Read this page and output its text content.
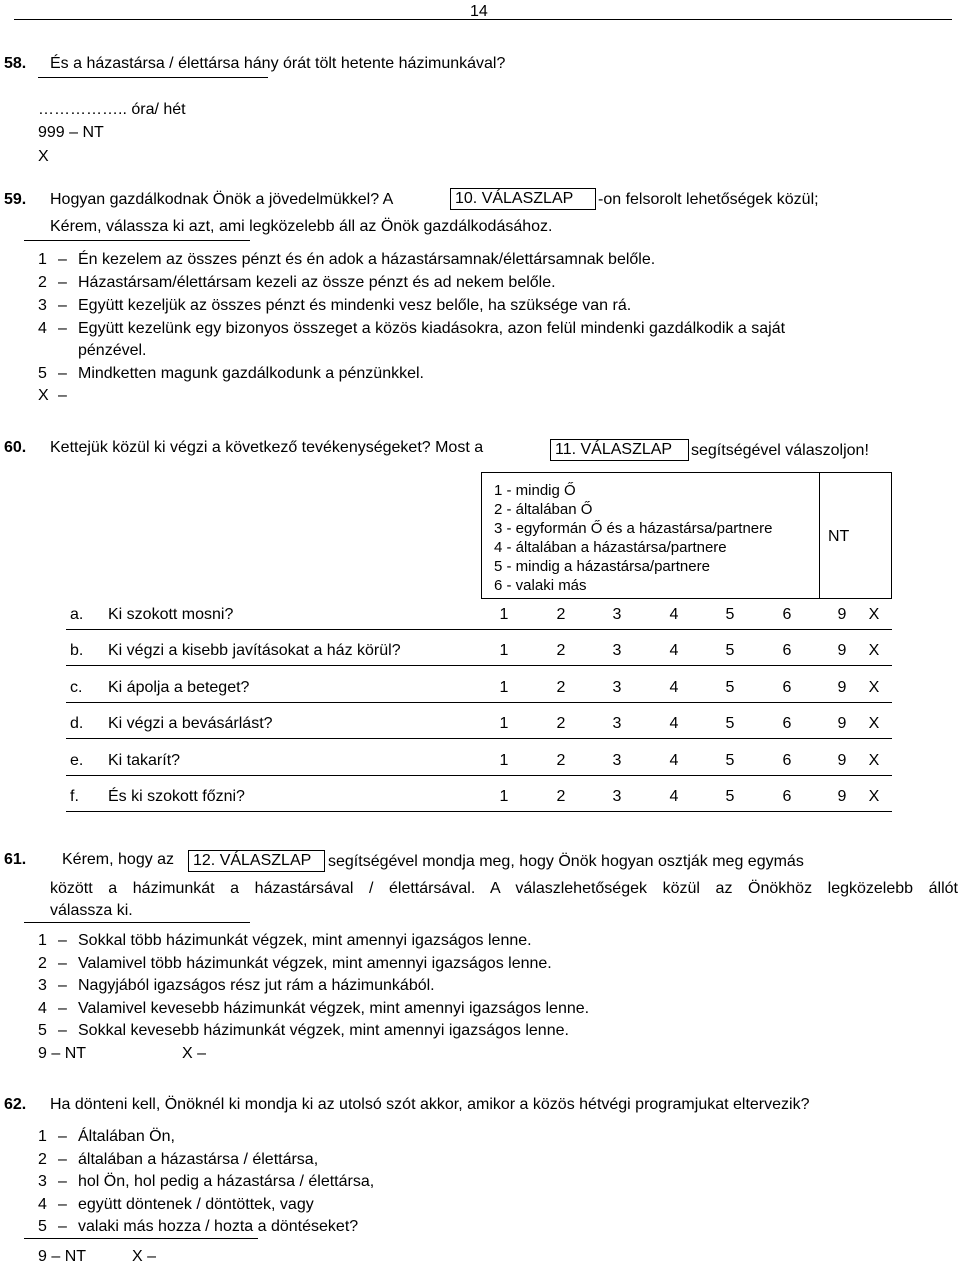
14
58. És a házastársa / élettársa hány órát tölt hetente házimunkával?
…………….. óra/ hét
999 – NT
X
59. Hogyan gazdálkodnak Önök a jövedelmükkel? A	10. VÁLASZLAP	-on felsorolt lehetőségek közül;
Kérem, válassza ki azt, ami legközelebb áll az Önök gazdálkodásához.
1 – Én kezelem az összes pénzt és én adok a házastársamnak/élettársamnak belőle.
2 – Házastársam/élettársam kezeli az össze pénzt és ad nekem belőle.
3 – Együtt kezeljük az összes pénzt és mindenki vesz belőle, ha szüksége van rá.
4 – Együtt kezelünk egy bizonyos összeget a közös kiadásokra, azon felül mindenki gazdálkodik a saját
pénzével.
5 – Mindketten magunk gazdálkodunk a pénzünkkel.
X –
60. Kettejük közül ki végzi a következő tevékenységeket? Most a	11. VÁLASZLAP	segítségével válaszoljon!
1 - mindig Ő
2 - általában Ő
3 - egyformán Ő és a házastársa/partnere
4 - általában a házastársa/partnere
5 - mindig a házastársa/partnere
6 - valaki más
NT
a. Ki szokott mosni?	1	2	3	4	5	6	9	X
b. Ki végzi a kisebb javításokat a ház körül?	1	2	3	4	5	6	9	X
c. Ki ápolja a beteget?	1	2	3	4	5	6	9	X
d. Ki végzi a bevásárlást?	1	2	3	4	5	6	9	X
e. Ki takarít?	1	2	3	4	5	6	9	X
f. És ki szokott főzni?	1	2	3	4	5	6	9	X
61. Kérem, hogy az	12. VÁLASZLAP	segítségével mondja meg, hogy Önök hogyan osztják meg egymás
között a házimunkát a házastársával / élettársával. A válaszlehetőségek közül az Önökhöz legközelebb állót
válassza ki.
1 – Sokkal több házimunkát végzek, mint amennyi igazságos lenne.
2 – Valamivel több házimunkát végzek, mint amennyi igazságos lenne.
3 – Nagyjából igazságos rész jut rám a házimunkából.
4 – Valamivel kevesebb házimunkát végzek, mint amennyi igazságos lenne.
5 – Sokkal kevesebb házimunkát végzek, mint amennyi igazságos lenne.
9 – NT	X –
62. Ha dönteni kell, Önöknél ki mondja ki az utolsó szót akkor, amikor a közös hétvégi programjukat eltervezik?
1 – Általában Ön,
2 – általában a házastársa / élettársa,
3 – hol Ön, hol pedig a házastársa / élettársa,
4 – együtt döntenek / döntöttek, vagy
5 – valaki más hozza / hozta a döntéseket?
9 – NT	X –
